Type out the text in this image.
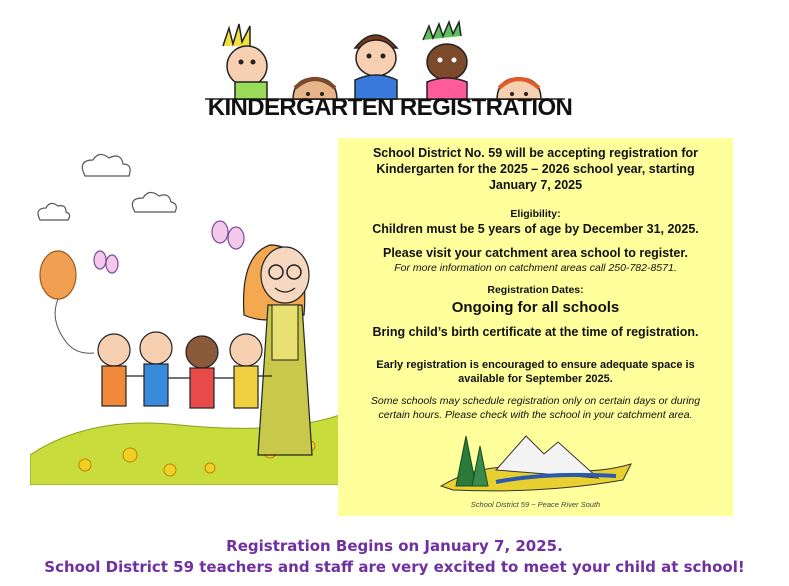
KINDERGARTEN REGISTRATION

School District No. 59 will be accepting registration for

Kindergarten for the 2025 – 2026 school year, starting

January 7, 2025

Eligibility:

Children must be 5 years of age by December 31, 2025.

Please visit your catchment area school to register.

For more information on catchment areas call 250-782-8571.

Registration Dates:

Ongoing for all schools

Bring child’s birth certificate at the time of registration.

Early registration is encouraged to ensure adequate space is

available for September 2025.

Some schools may schedule registration only on certain days or during

certain hours. Please check with the school in your catchment area.

School District 59 ~ Peace River South

Registration Begins on January 7, 2025.

School District 59 teachers and staff are very excited to meet your child at school!
